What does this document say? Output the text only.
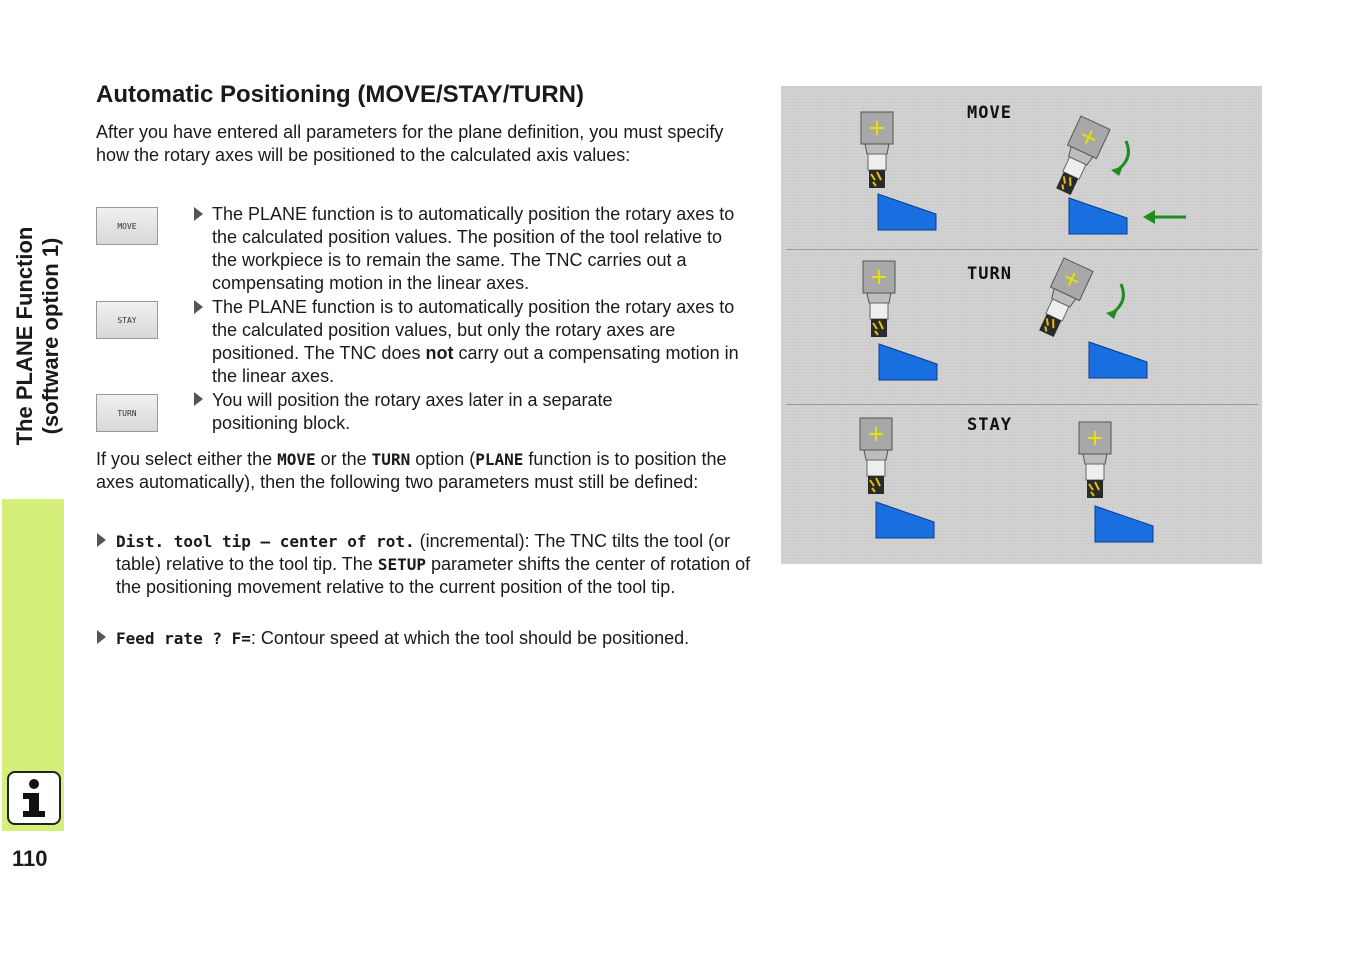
The PLANE Function (software option 1)
110
Automatic Positioning (MOVE/STAY/TURN)

After you have entered all parameters for the plane definition, you must specify how the rotary axes will be positioned to the calculated axis values:

MOVE
The PLANE function is to automatically position the rotary axes to the calculated position values. The position of the tool relative to the workpiece is to remain the same. The TNC carries out a compensating motion in the linear axes.
STAY
The PLANE function is to automatically position the rotary axes to the calculated position values, but only the rotary axes are positioned. The TNC does not carry out a compensating motion in the linear axes.
TURN
You will position the rotary axes later in a separate positioning block.

If you select either the MOVE or the TURN option (PLANE function is to position the axes automatically), then the following two parameters must still be defined:

Dist. tool tip – center of rot. (incremental): The TNC tilts the tool (or table) relative to the tool tip. The SETUP parameter shifts the center of rotation of the positioning movement relative to the current position of the tool tip.
Feed rate ? F=: Contour speed at which the tool should be positioned.
MOVE
TURN
STAY
